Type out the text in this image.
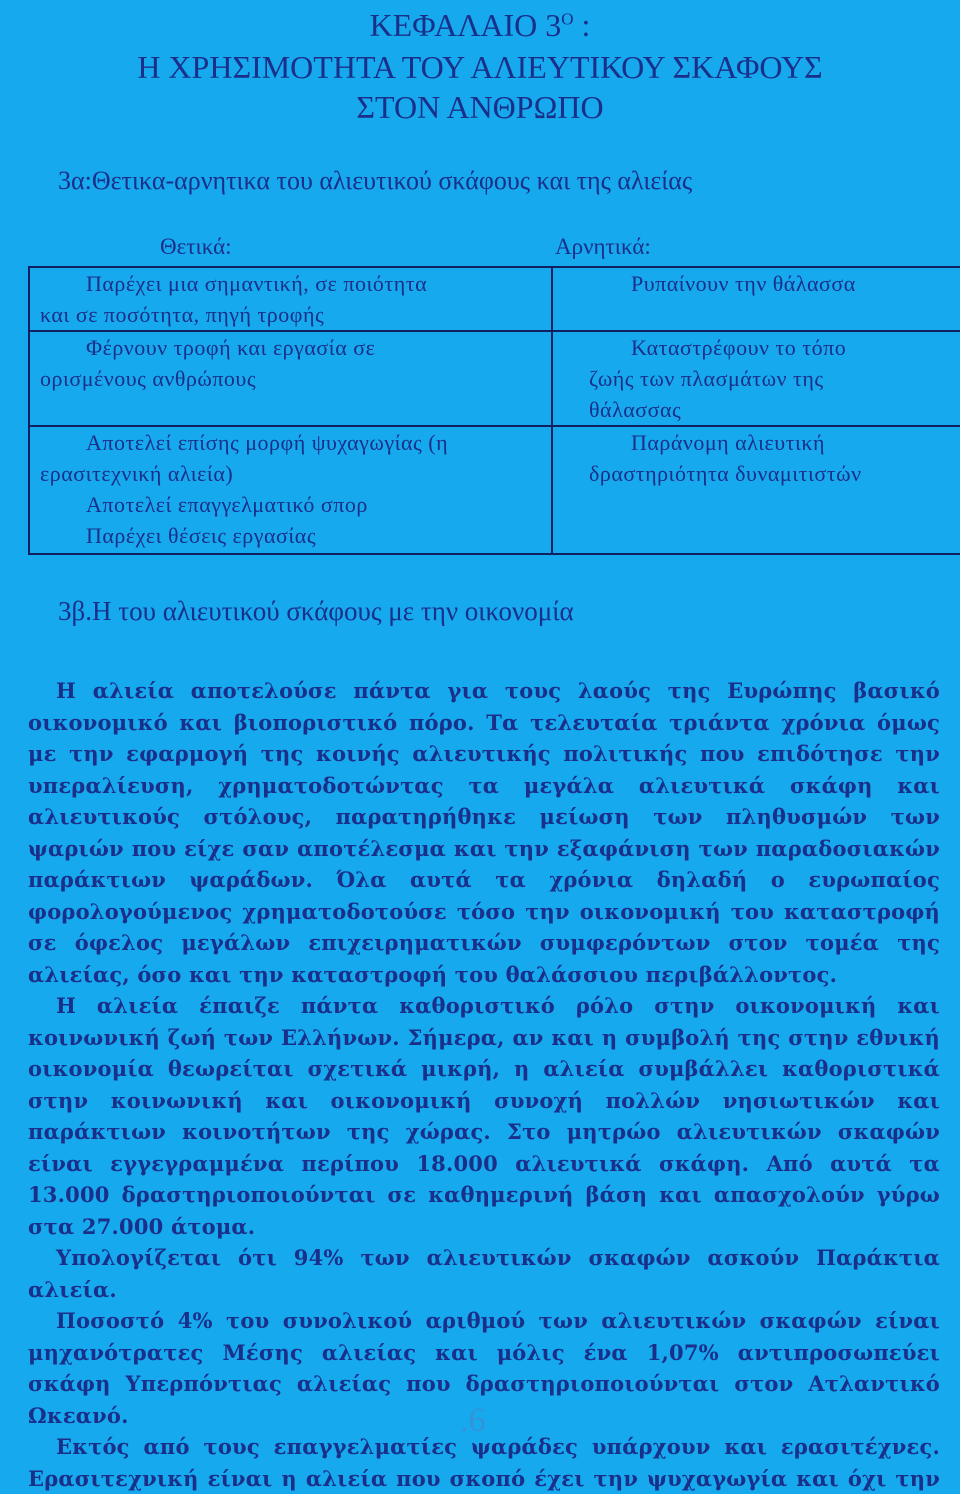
ΚΕΦΑΛΑΙΟ $3^O$ :
Η ΧΡΗΣΙΜΟΤΗΤΑ ΤΟΥ ΑΛΙΕΥΤΙΚΟΥ ΣΚΑΦΟΥΣ
ΣΤΟΝ ΑΝΘΡΩΠΟ
3α:Θετικα-αρνητικα του αλιευτικού σκάφους και της αλιείας
Θετικά:	Αρνητικά:
Παρέχει μια σημαντική, σε ποιότητα
και σε ποσότητα, πηγή τροφής	Ρυπαίνουν την θάλασσα

Φέρνουν τροφή και εργασία σε
ορισμένους ανθρώπους	Καταστρέφουν το τόπο
ζωής των πλασμάτων της
θάλασσας

Αποτελεί επίσης μορφή ψυχαγωγίας (η
ερασιτεχνική αλιεία)
Αποτελεί επαγγελματικό σπορ
Παρέχει θέσεις εργασίας	Παράνομη αλιευτική
δραστηριότητα δυναμιτιστών
3β.Η του αλιευτικού σκάφους με την οικονομία

Η αλιεία αποτελούσε πάντα για τους λαούς της Ευρώπης βασικό οικονομικό και βιοποριστικό πόρο. Τα τελευταία τριάντα χρόνια όμως με την εφαρμογή της κοινής αλιευτικής πολιτικής που επιδότησε την υπεραλίευση, χρηματοδοτώντας τα μεγάλα αλιευτικά σκάφη και αλιευτικούς στόλους, παρατηρήθηκε μείωση των πληθυσμών των ψαριών που είχε σαν αποτέλεσμα και την εξαφάνιση των παραδοσιακών παράκτιων ψαράδων. Όλα αυτά τα χρόνια δηλαδή ο ευρωπαίος φορολογούμενος χρηματοδοτούσε τόσο την οικονομική του καταστροφή σε όφελος μεγάλων επιχειρηματικών συμφερόντων στον τομέα της αλιείας, όσο και την καταστροφή του θαλάσσιου περιβάλλοντος.

Η αλιεία έπαιζε πάντα καθοριστικό ρόλο στην οικονομική και κοινωνική ζωή των Ελλήνων. Σήμερα, αν και η συμβολή της στην εθνική οικονομία θεωρείται σχετικά μικρή, η αλιεία συμβάλλει καθοριστικά στην κοινωνική και οικονομική συνοχή πολλών νησιωτικών και παράκτιων κοινοτήτων της χώρας. Στο μητρώο αλιευτικών σκαφών είναι εγγεγραμμένα περίπου 18.000 αλιευτικά σκάφη. Από αυτά τα 13.000 δραστηριοποιούνται σε καθημερινή βάση και απασχολούν γύρω στα 27.000 άτομα.

Υπολογίζεται ότι 94% των αλιευτικών σκαφών ασκούν Παράκτια αλιεία.

Ποσοστό 4% του συνολικού αριθμού των αλιευτικών σκαφών είναι μηχανότρατες Μέσης αλιείας και μόλις ένα 1,07% αντιπροσωπεύει σκάφη Υπερπόντιας αλιείας που δραστηριοποιούνται στον Ατλαντικό Ωκεανό.

Εκτός από τους επαγγελματίες ψαράδες υπάρχουν και ερασιτέχνες. Ερασιτεχνική είναι η αλιεία που σκοπό έχει την ψυχαγωγία και όχι την

.6
